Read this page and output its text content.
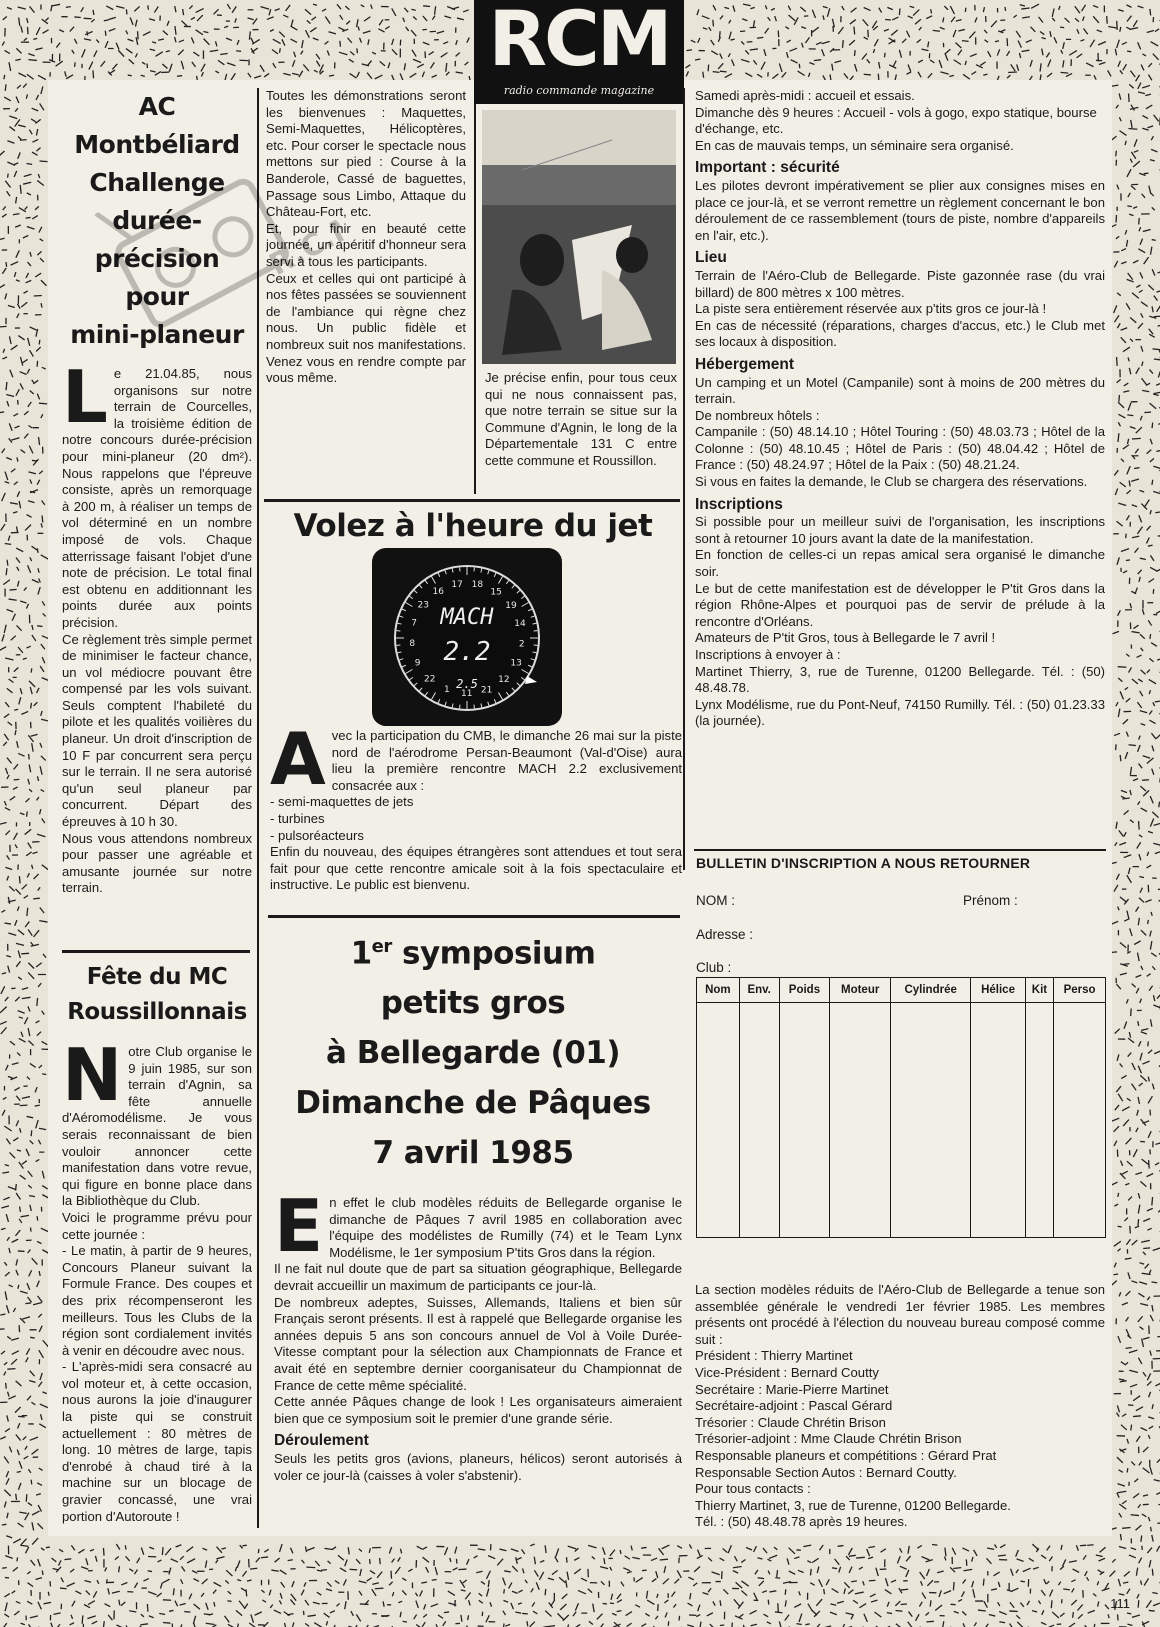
RCM
radio commande magazine
AC
Montbéliard
Challenge
durée-
précision
pour
mini-planeur

Le 21.04.85, nous organisons sur notre terrain de Courcelles, la troisième édition de notre concours durée-précision pour mini-planeur (20 dm²). Nous rappelons que l'épreuve consiste, après un remorquage à 200 m, à réaliser un temps de vol déterminé en un nombre imposé de vols. Chaque atterrissage faisant l'objet d'une note de précision. Le total final est obtenu en additionnant les points durée aux points précision.

Ce règlement très simple permet de minimiser le facteur chance, un vol médiocre pouvant être compensé par les vols suivant. Seuls comptent l'habileté du pilote et les qualités voilières du planeur. Un droit d'inscription de 10 F par concurrent sera perçu sur le terrain. Il ne sera autorisé qu'un seul planeur par concurrent. Départ des épreuves à 10 h 30.

Nous vous attendons nombreux pour passer une agréable et amusante journée sur notre terrain.

Fête du MC
Roussillonnais

Notre Club organise le 9 juin 1985, sur son terrain d'Agnin, sa fête annuelle d'Aéromodélisme. Je vous serais reconnaissant de bien vouloir annoncer cette manifestation dans votre revue, qui figure en bonne place dans la Bibliothèque du Club.

Voici le programme prévu pour cette journée :

- Le matin, à partir de 9 heures, Concours Planeur suivant la Formule France. Des coupes et des prix récompenseront les meilleurs. Tous les Clubs de la région sont cordialement invités à venir en découdre avec nous.

- L'après-midi sera consacré au vol moteur et, à cette occasion, nous aurons la joie d'inaugurer la piste qui se construit actuellement : 80 mètres de long. 10 mètres de large, tapis d'enrobé à chaud tiré à la machine sur un blocage de gravier concassé, une vrai portion d'Autoroute !

Toutes les démonstrations seront les bienvenues : Maquettes, Semi-Maquettes, Hélicoptères, etc. Pour corser le spectacle nous mettons sur pied : Course à la Banderole, Cassé de baguettes, Passage sous Limbo, Attaque du Château-Fort, etc.

Et, pour finir en beauté cette journée, un apéritif d'honneur sera servi à tous les participants.

Ceux et celles qui ont participé à nos fêtes passées se souviennent de l'ambiance qui règne chez nous. Un public fidèle et nombreux suit nos manifestations. Venez vous en rendre compte par vous même.	Je précise enfin, pour tous ceux qui ne nous connaissent pas, que notre terrain se situe sur la Commune d'Agnin, le long de la Départementale 131 C entre cette commune et Roussillon.
Volez à l'heure du jet
16
17 18
15
19
14
2
13
12
21
11
1
22
9
8
7
23 MACH
2.2
2.5

Avec la participation du CMB, le dimanche 26 mai sur la piste nord de l'aérodrome Persan-Beaumont (Val-d'Oise) aura lieu la première rencontre MACH 2.2 exclusivement consacrée aux :

- semi-maquettes de jets

- turbines

- pulsoréacteurs

Enfin du nouveau, des équipes étrangères sont attendues et tout sera fait pour que cette rencontre amicale soit à la fois spectaculaire et instructive. Le public est bienvenu.

1er symposium
petits gros
à Bellegarde (01)
Dimanche de Pâques
7 avril 1985

En effet le club modèles réduits de Bellegarde organise le dimanche de Pâques 7 avril 1985 en collaboration avec l'équipe des modélistes de Rumilly (74) et le Team Lynx Modélisme, le 1er symposium P'tits Gros dans la région.

Il ne fait nul doute que de part sa situation géographique, Bellegarde devrait accueillir un maximum de participants ce jour-là.

De nombreux adeptes, Suisses, Allemands, Italiens et bien sûr Français seront présents. Il est à rappelé que Bellegarde organise les années depuis 5 ans son concours annuel de Vol à Voile Durée-Vitesse comptant pour la sélection aux Championnats de France et avait été en septembre dernier coorganisateur du Championnat de France de cette même spécialité.

Cette année Pâques change de look ! Les organisateurs aimeraient bien que ce symposium soit le premier d'une grande série.

Déroulement

Seuls les petits gros (avions, planeurs, hélicos) seront autorisés à voler ce jour-là (caisses à voler s'abstenir).

Samedi après-midi : accueil et essais.

Dimanche dès 9 heures : Accueil - vols à gogo, expo statique, bourse d'échange, etc.

En cas de mauvais temps, un séminaire sera organisé.

Important : sécurité

Les pilotes devront impérativement se plier aux consignes mises en place ce jour-là, et se verront remettre un règlement concernant le bon déroulement de ce rassemblement (tours de piste, nombre d'appareils en l'air, etc.).

Lieu

Terrain de l'Aéro-Club de Bellegarde. Piste gazonnée rase (du vrai billard) de 800 mètres x 100 mètres.

La piste sera entièrement réservée aux p'tits gros ce jour-là !

En cas de nécessité (réparations, charges d'accus, etc.) le Club met ses locaux à disposition.

Hébergement

Un camping et un Motel (Campanile) sont à moins de 200 mètres du terrain.

De nombreux hôtels :

Campanile : (50) 48.14.10 ; Hôtel Touring : (50) 48.03.73 ; Hôtel de la Colonne : (50) 48.10.45 ; Hôtel de Paris : (50) 48.04.42 ; Hôtel de France : (50) 48.24.97 ; Hôtel de la Paix : (50) 48.21.24.

Si vous en faites la demande, le Club se chargera des réservations.

Inscriptions

Si possible pour un meilleur suivi de l'organisation, les inscriptions sont à retourner 10 jours avant la date de la manifestation.

En fonction de celles-ci un repas amical sera organisé le dimanche soir.

Le but de cette manifestation est de développer le P'tit Gros dans la région Rhône-Alpes et pourquoi pas de servir de prélude à la rencontre d'Orléans.

Amateurs de P'tit Gros, tous à Bellegarde le 7 avril !

Inscriptions à envoyer à :

Martinet Thierry, 3, rue de Turenne, 01200 Bellegarde. Tél. : (50) 48.48.78.

Lynx Modélisme, rue du Pont-Neuf, 74150 Rumilly. Tél. : (50) 01.23.33 (la journée).

BULLETIN D'INSCRIPTION A NOUS RETOURNER
NOM :	Prénom :
Adresse :
Club :
Nom	Env.	Poids	Moteur	Cylindrée	Hélice	Kit	Perso

La section modèles réduits de l'Aéro-Club de Bellegarde a tenue son assemblée générale le vendredi 1er février 1985. Les membres présents ont procédé à l'élection du nouveau bureau composé comme suit :

Président : Thierry Martinet

Vice-Président : Bernard Coutty

Secrétaire : Marie-Pierre Martinet

Secrétaire-adjoint : Pascal Gérard

Trésorier : Claude Chrétin Brison

Trésorier-adjoint : Mme Claude Chrétin Brison

Responsable planeurs et compétitions : Gérard Prat

Responsable Section Autos : Bernard Coutty.

Pour tous contacts :

Thierry Martinet, 3, rue de Turenne, 01200 Bellegarde.

Tél. : (50) 48.48.78 après 19 heures.

R.C.M
111
